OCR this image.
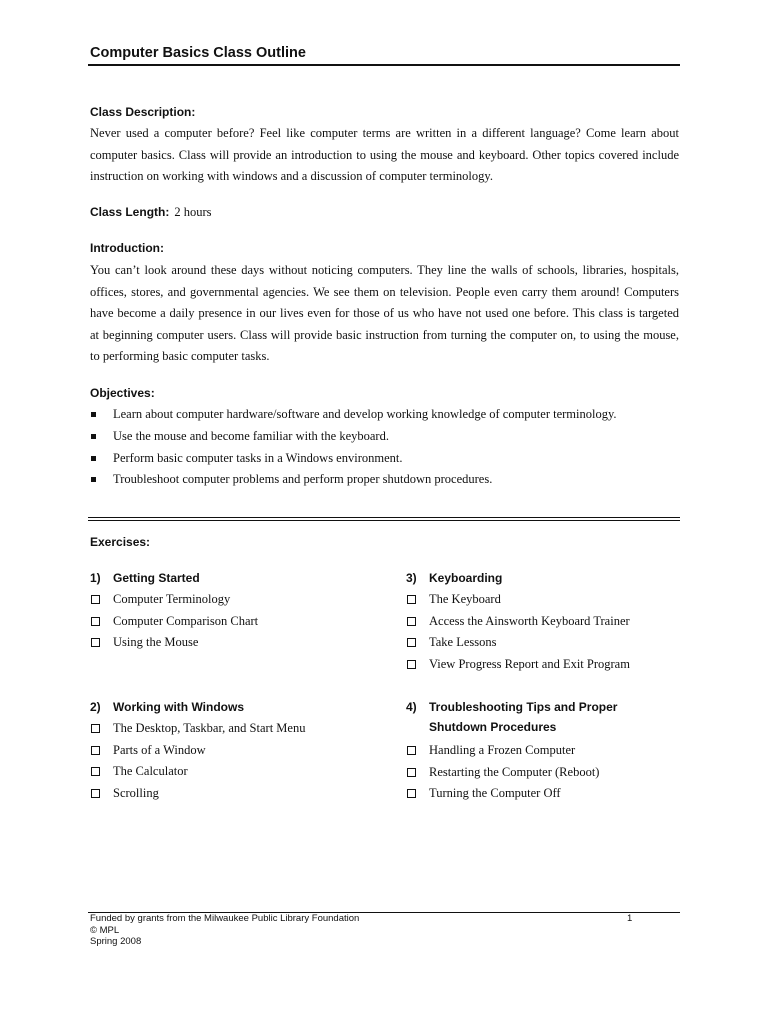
Computer Basics Class Outline
Class Description:
Never used a computer before? Feel like computer terms are written in a different language? Come learn about
computer basics. Class will provide an introduction to using the mouse and keyboard. Other topics covered include
instruction on working with windows and a discussion of computer terminology.
Class Length: 2 hours
Introduction:
You can’t look around these days without noticing computers. They line the walls of schools, libraries, hospitals,
offices, stores, and governmental agencies. We see them on television. People even carry them around! Computers
have become a daily presence in our lives even for those of us who have not used one before. This class is targeted
at beginning computer users. Class will provide basic instruction from turning the computer on, to using the mouse,
to performing basic computer tasks.
Objectives:
Learn about computer hardware/software and develop working knowledge of computer terminology.
Use the mouse and become familiar with the keyboard.
Perform basic computer tasks in a Windows environment.
Troubleshoot computer problems and perform proper shutdown procedures.
Exercises:
1) Getting Started
Computer Terminology
Computer Comparison Chart
Using the Mouse
2) Working with Windows
The Desktop, Taskbar, and Start Menu
Parts of a Window
The Calculator
Scrolling
3) Keyboarding
The Keyboard
Access the Ainsworth Keyboard Trainer
Take Lessons
View Progress Report and Exit Program
4) Troubleshooting Tips and Proper
Shutdown Procedures
Handling a Frozen Computer
Restarting the Computer (Reboot)
Turning the Computer Off
Funded by grants from the Milwaukee Public Library Foundation
© MPL
Spring 2008
1
